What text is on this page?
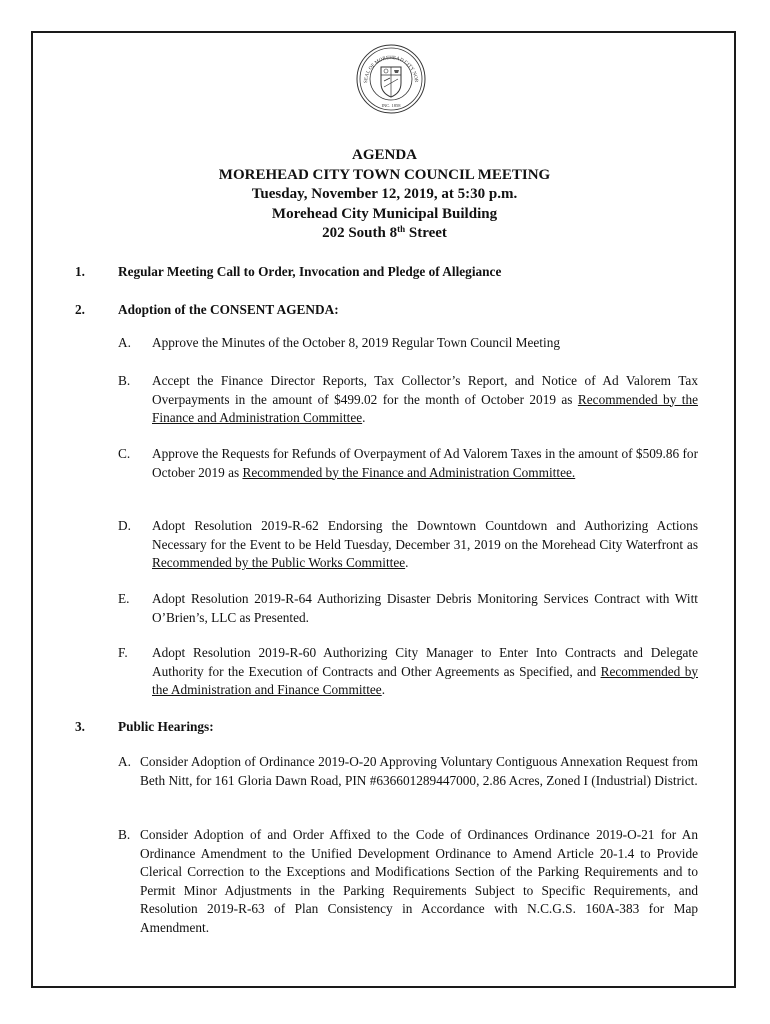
SEAL OF MOREHEAD CITY NOR
INC. 1858
AGENDA
MOREHEAD CITY TOWN COUNCIL MEETING
Tuesday, November 12, 2019, at 5:30 p.m.
Morehead City Municipal Building
202 South 8th Street
1. Regular Meeting Call to Order, Invocation and Pledge of Allegiance
2. Adoption of the CONSENT AGENDA:
A. Approve the Minutes of the October 8, 2019 Regular Town Council Meeting
B. Accept the Finance Director Reports, Tax Collector’s Report, and Notice of Ad Valorem Tax Overpayments in the amount of $499.02 for the month of October 2019 as Recommended by the Finance and Administration Committee.
C. Approve the Requests for Refunds of Overpayment of Ad Valorem Taxes in the amount of $509.86 for October 2019 as Recommended by the Finance and Administration Committee.
D. Adopt Resolution 2019-R-62 Endorsing the Downtown Countdown and Authorizing Actions Necessary for the Event to be Held Tuesday, December 31, 2019 on the Morehead City Waterfront as Recommended by the Public Works Committee.
E. Adopt Resolution 2019-R-64 Authorizing Disaster Debris Monitoring Services Contract with Witt O’Brien’s, LLC as Presented.
F. Adopt Resolution 2019-R-60 Authorizing City Manager to Enter Into Contracts and Delegate Authority for the Execution of Contracts and Other Agreements as Specified, and Recommended by the Administration and Finance Committee.
3. Public Hearings:
A. Consider Adoption of Ordinance 2019-O-20 Approving Voluntary Contiguous Annexation Request from Beth Nitt, for 161 Gloria Dawn Road, PIN #636601289447000, 2.86 Acres, Zoned I (Industrial) District.
B. Consider Adoption of and Order Affixed to the Code of Ordinances Ordinance 2019-O-21 for An Ordinance Amendment to the Unified Development Ordinance to Amend Article 20-1.4 to Provide Clerical Correction to the Exceptions and Modifications Section of the Parking Requirements and to Permit Minor Adjustments in the Parking Requirements Subject to Specific Requirements, and Resolution 2019-R-63 of Plan Consistency in Accordance with N.C.G.S. 160A-383 for Map Amendment.
